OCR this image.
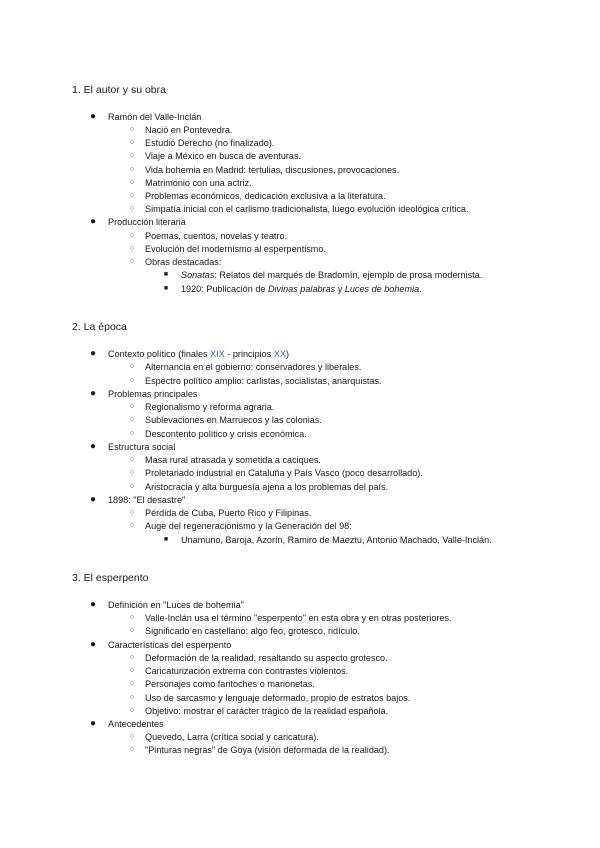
1. El autor y su obra
● Ramón del Valle-Inclán
○	Nació en Pontevedra.
○	Estudió Derecho (no finalizado).
○	Viaje a México en busca de aventuras.
○	Vida bohemia en Madrid: tertulias, discusiones, provocaciones.
○	Matrimonio con una actriz.
○	Problemas económicos, dedicación exclusiva a la literatura.
○	Simpatía inicial con el carlismo tradicionalista, luego evolución ideológica crítica.
● Producción literaria
○	Poemas, cuentos, novelas y teatro.
○	Evolución del modernismo al esperpentismo.
○	Obras destacadas:
■	Sonatas: Relatos del marqués de Bradomín, ejemplo de prosa modernista.
■	1920: Publicación de Divinas palabras y Luces de bohemia.
2. La época
● Contexto político (finales XIX - principios XX)
○	Alternancia en el gobierno: conservadores y liberales.
○	Espectro político amplio: carlistas, socialistas, anarquistas.
● Problemas principales
○	Regionalismo y reforma agraria.
○	Sublevaciones en Marruecos y las colonias.
○	Descontento político y crisis económica.
● Estructura social
○	Masa rural atrasada y sometida a caciques.
○	Proletariado industrial en Cataluña y País Vasco (poco desarrollado).
○	Aristocracia y alta burguesía ajena a los problemas del país.
● 1898: "El desastre"
○	Pérdida de Cuba, Puerto Rico y Filipinas.
○	Auge del regeneracionismo y la Generación del 98:
■	Unamuno, Baroja, Azorín, Ramiro de Maeztu, Antonio Machado, Valle-Inclán.
3. El esperpento
● Definición en "Luces de bohemia"
○	Valle-Inclán usa el término "esperpento" en esta obra y en otras posteriores.
○	Significado en castellano: algo feo, grotesco, ridículo.
● Características del esperpento
○	Deformación de la realidad, resaltando su aspecto grotesco.
○	Caricaturización extrema con contrastes violentos.
○	Personajes como fantoches o marionetas.
○	Uso de sarcasmo y lenguaje deformado, propio de estratos bajos.
○	Objetivo: mostrar el carácter trágico de la realidad española.
● Antecedentes
○	Quevedo, Larra (crítica social y caricatura).
○	"Pinturas negras" de Goya (visión deformada de la realidad).
